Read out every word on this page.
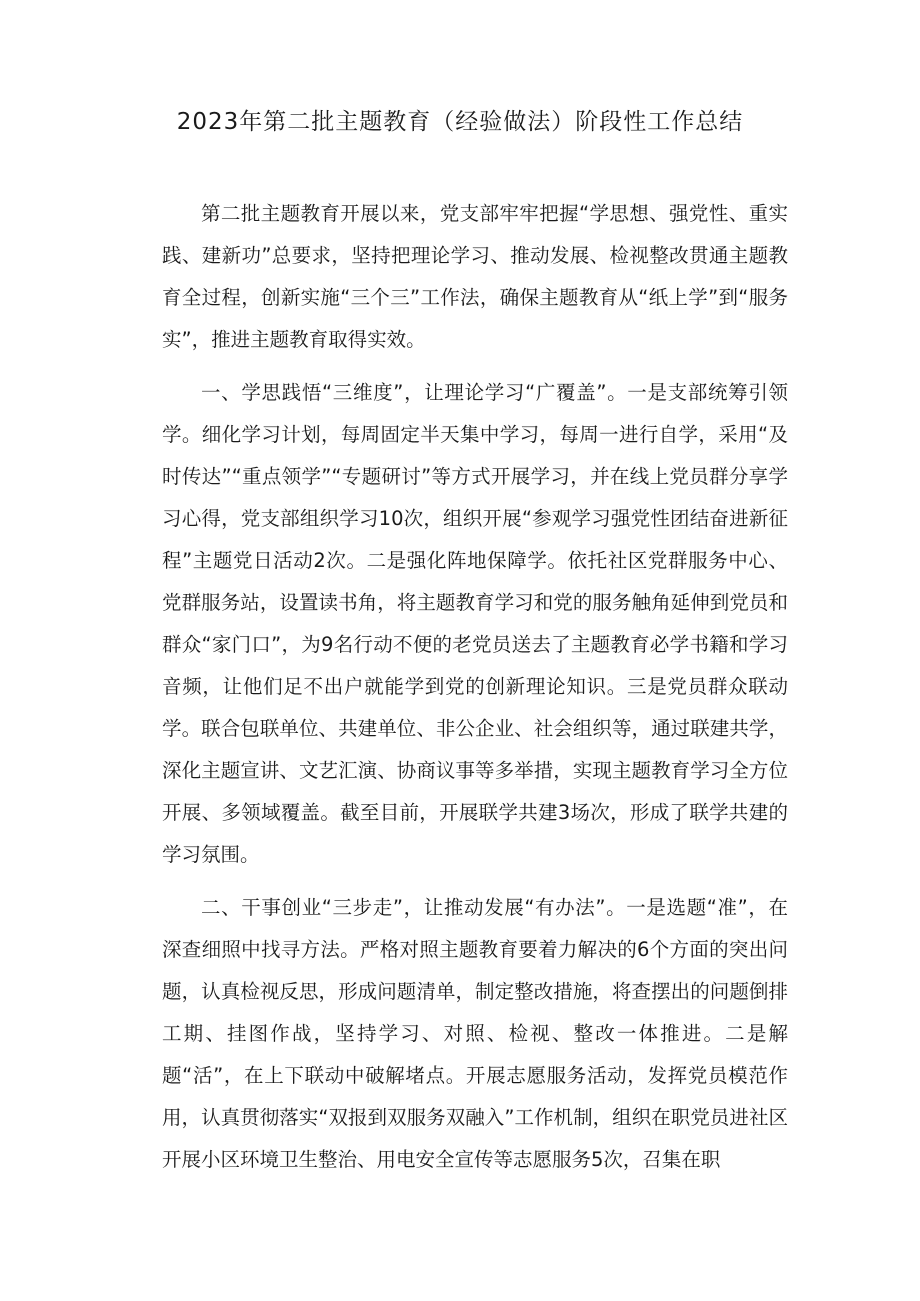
2023年第二批主题教育（经验做法）阶段性工作总结

第二批主题教育开展以来，党支部牢牢把握“学思想、强党性、重实践、建新功”总要求，坚持把理论学习、推动发展、检视整改贯通主题教育全过程，创新实施“三个三”工作法，确保主题教育从“纸上学”到“服务实”，推进主题教育取得实效。

一、学思践悟“三维度”，让理论学习“广覆盖”。一是支部统筹引领学。细化学习计划，每周固定半天集中学习，每周一进行自学，采用“及时传达”“重点领学”“专题研讨”等方式开展学习，并在线上党员群分享学习心得，党支部组织学习10次，组织开展“参观学习强党性团结奋进新征程”主题党日活动2次。二是强化阵地保障学。依托社区党群服务中心、党群服务站，设置读书角，将主题教育学习和党的服务触角延伸到党员和群众“家门口”，为9名行动不便的老党员送去了主题教育必学书籍和学习音频，让他们足不出户就能学到党的创新理论知识。三是党员群众联动学。联合包联单位、共建单位、非公企业、社会组织等，通过联建共学，深化主题宣讲、文艺汇演、协商议事等多举措，实现主题教育学习全方位开展、多领域覆盖。截至目前，开展联学共建3场次，形成了联学共建的学习氛围。

二、干事创业“三步走”，让推动发展“有办法”。一是选题“准”，在深查细照中找寻方法。严格对照主题教育要着力解决的6个方面的突出问题，认真检视反思，形成问题清单，制定整改措施，将查摆出的问题倒排工期、挂图作战，坚持学习、对照、检视、整改一体推进。二是解题“活”，在上下联动中破解堵点。开展志愿服务活动，发挥党员模范作用，认真贯彻落实“双报到双服务双融入”工作机制，组织在职党员进社区开展小区环境卫生整治、用电安全宣传等志愿服务5次，召集在职
